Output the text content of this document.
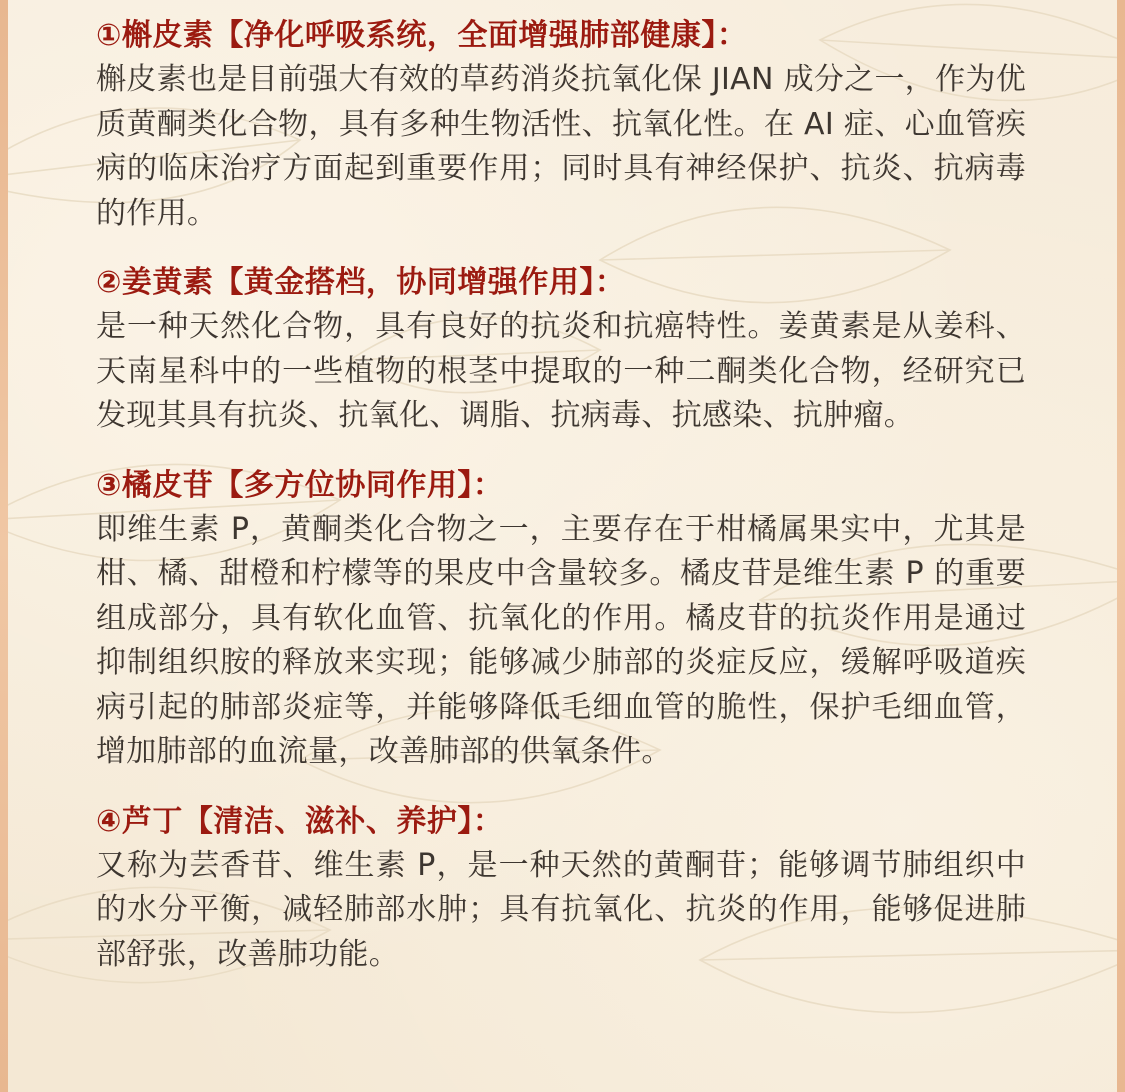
①槲皮素【净化呼吸系统，全面增强肺部健康】：
槲皮素也是目前强大有效的草药消炎抗氧化保 JIAN 成分之一，作为优质黄酮类化合物，具有多种生物活性、抗氧化性。在 AI 症、心血管疾病的临床治疗方面起到重要作用；同时具有神经保护、抗炎、抗病毒的作用。
②姜黄素【黄金搭档，协同增强作用】：
是一种天然化合物，具有良好的抗炎和抗癌特性。姜黄素是从姜科、天南星科中的一些植物的根茎中提取的一种二酮类化合物，经研究已发现其具有抗炎、抗氧化、调脂、抗病毒、抗感染、抗肿瘤。
③橘皮苷【多方位协同作用】：
即维生素 P，黄酮类化合物之一，主要存在于柑橘属果实中，尤其是柑、橘、甜橙和柠檬等的果皮中含量较多。橘皮苷是维生素 P 的重要组成部分，具有软化血管、抗氧化的作用。橘皮苷的抗炎作用是通过抑制组织胺的释放来实现；能够减少肺部的炎症反应，缓解呼吸道疾病引起的肺部炎症等，并能够降低毛细血管的脆性，保护毛细血管，增加肺部的血流量，改善肺部的供氧条件。
④芦丁【清洁、滋补、养护】：
又称为芸香苷、维生素 P，是一种天然的黄酮苷；能够调节肺组织中的水分平衡，减轻肺部水肿；具有抗氧化、抗炎的作用，能够促进肺部舒张，改善肺功能。
